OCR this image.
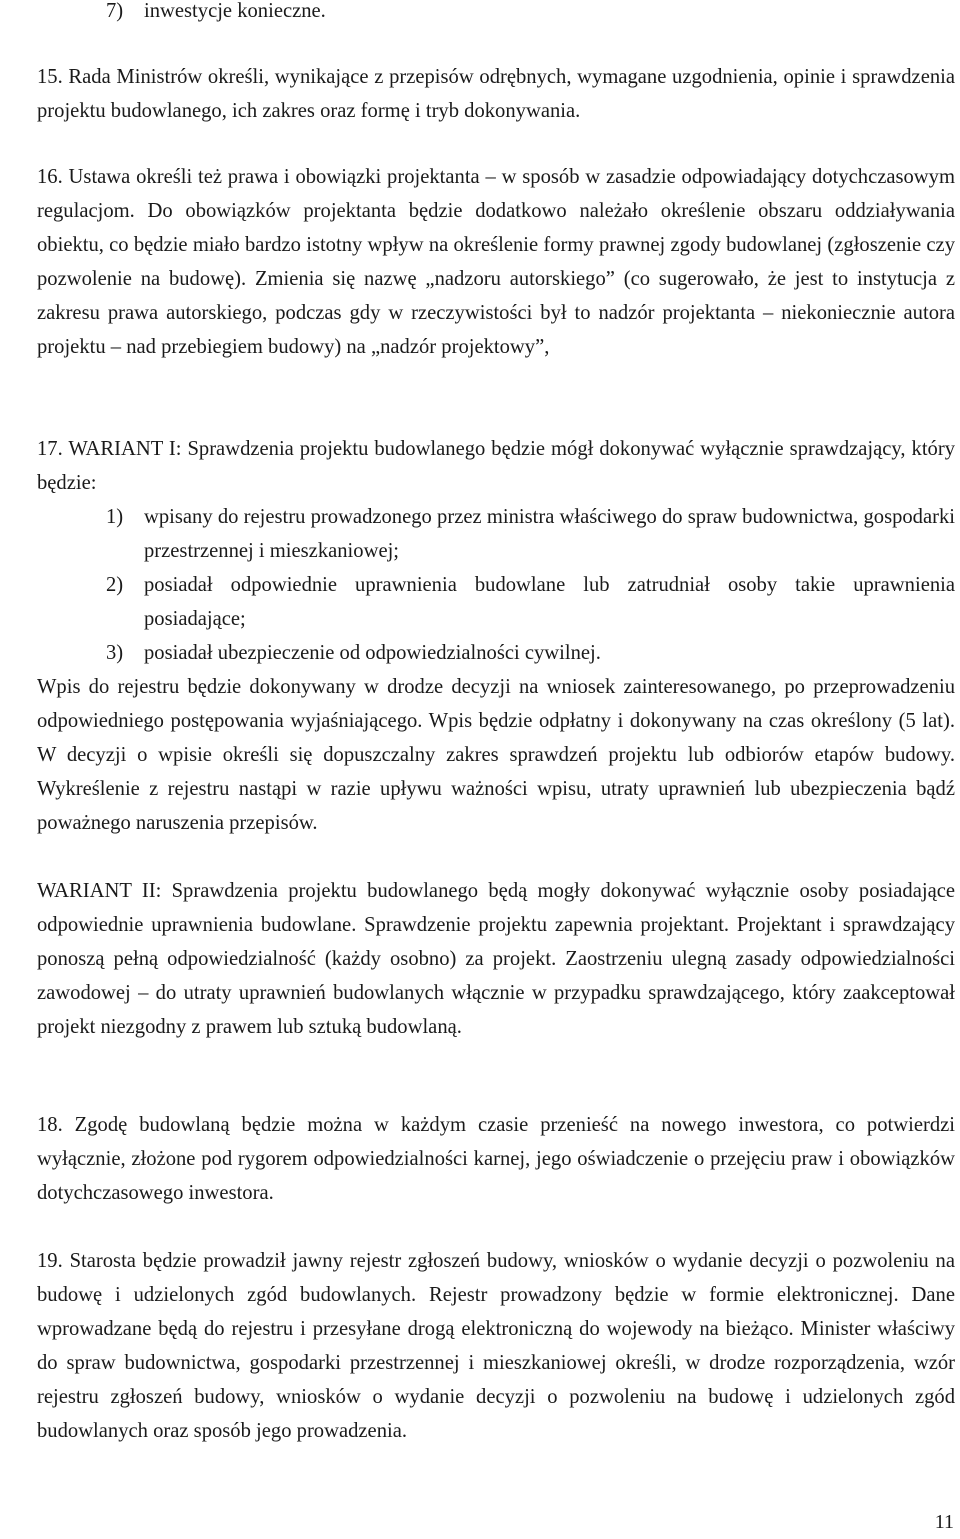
7)	inwestycje konieczne.

15. Rada Ministrów określi, wynikające z przepisów odrębnych, wymagane uzgodnienia, opinie i sprawdzenia projektu budowlanego, ich zakres oraz formę i tryb dokonywania.

16. Ustawa określi też prawa i obowiązki projektanta – w sposób w zasadzie odpowiadający dotychczasowym regulacjom. Do obowiązków projektanta będzie dodatkowo należało określenie obszaru oddziaływania obiektu, co będzie miało bardzo istotny wpływ na określenie formy prawnej zgody budowlanej (zgłoszenie czy pozwolenie na budowę). Zmienia się nazwę „nadzoru autorskiego” (co sugerowało, że jest to instytucja z zakresu prawa autorskiego, podczas gdy w rzeczywistości był to nadzór projektanta – niekoniecznie autora projektu – nad przebiegiem budowy) na „nadzór projektowy”,

17. WARIANT I: Sprawdzenia projektu budowlanego będzie mógł dokonywać wyłącznie sprawdzający, który będzie:

1)	wpisany do rejestru prowadzonego przez ministra właściwego do spraw budownictwa, gospodarki przestrzennej i mieszkaniowej;
2)	posiadał odpowiednie uprawnienia budowlane lub zatrudniał osoby takie uprawnienia posiadające;
3)	posiadał ubezpieczenie od odpowiedzialności cywilnej.

Wpis do rejestru będzie dokonywany w drodze decyzji na wniosek zainteresowanego, po przeprowadzeniu odpowiedniego postępowania wyjaśniającego. Wpis będzie odpłatny i dokonywany na czas określony (5 lat). W decyzji o wpisie określi się dopuszczalny zakres sprawdzeń projektu lub odbiorów etapów budowy. Wykreślenie z rejestru nastąpi w razie upływu ważności wpisu, utraty uprawnień lub ubezpieczenia bądź poważnego naruszenia przepisów.

WARIANT II: Sprawdzenia projektu budowlanego będą mogły dokonywać wyłącznie osoby posiadające odpowiednie uprawnienia budowlane. Sprawdzenie projektu zapewnia projektant. Projektant i sprawdzający ponoszą pełną odpowiedzialność (każdy osobno) za projekt. Zaostrzeniu ulegną zasady odpowiedzialności zawodowej – do utraty uprawnień budowlanych włącznie w przypadku sprawdzającego, który zaakceptował projekt niezgodny z prawem lub sztuką budowlaną.

18. Zgodę budowlaną będzie można w każdym czasie przenieść na nowego inwestora, co potwierdzi wyłącznie, złożone pod rygorem odpowiedzialności karnej, jego oświadczenie o przejęciu praw i obowiązków dotychczasowego inwestora.

19. Starosta będzie prowadził jawny rejestr zgłoszeń budowy, wniosków o wydanie decyzji o pozwoleniu na budowę i udzielonych zgód budowlanych. Rejestr prowadzony będzie w formie elektronicznej. Dane wprowadzane będą do rejestru i przesyłane drogą elektroniczną do wojewody na bieżąco. Minister właściwy do spraw budownictwa, gospodarki przestrzennej i mieszkaniowej określi, w drodze rozporządzenia, wzór rejestru zgłoszeń budowy, wniosków o wydanie decyzji o pozwoleniu na budowę i udzielonych zgód budowlanych oraz sposób jego prowadzenia.

11
